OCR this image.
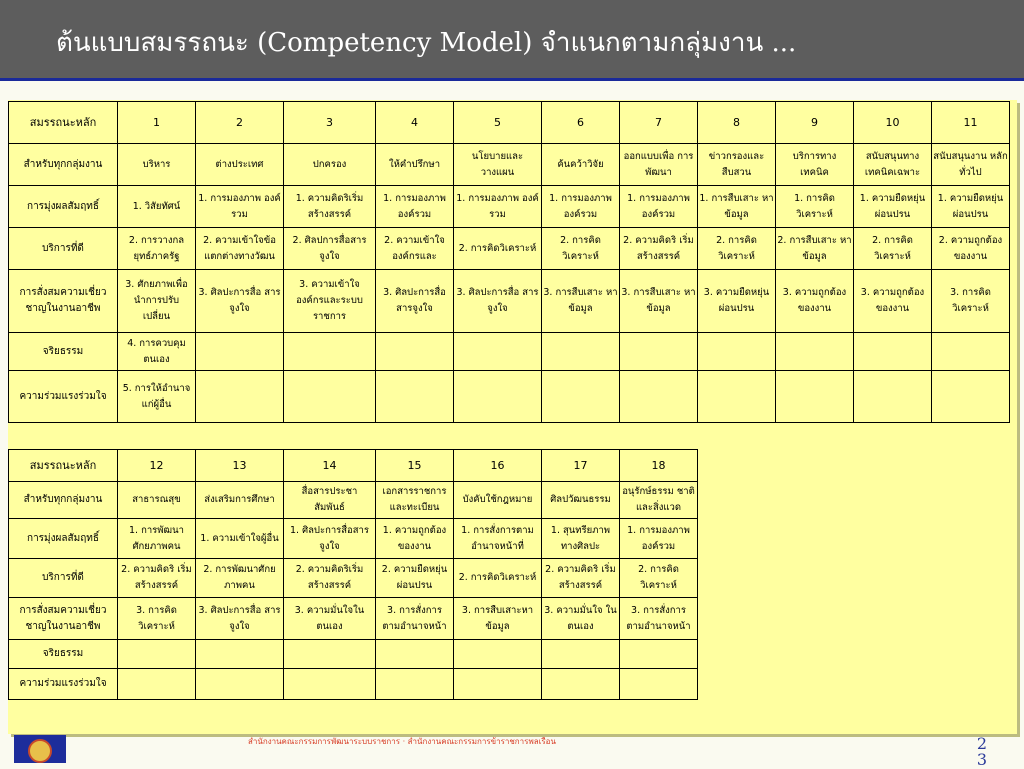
ต้นแบบสมรรถนะ (Competency Model) จำแนกตามกลุ่มงาน ...
สมรรถนะหลัก	1	2	3	4	5	6	7	8	9	10	11
สำหรับทุกกลุ่มงาน	บริหาร	ต่างประเทศ	ปกครอง	ให้คำปรึกษา	นโยบายและ วางแผน	ค้นคว้าวิจัย	ออกแบบเพื่อ การพัฒนา	ข่าวกรองและ สืบสวน	บริการทาง เทคนิค	สนับสนุนทาง เทคนิคเฉพาะ	สนับสนุนงาน หลักทั่วไป
การมุ่งผลสัมฤทธิ์	1. วิสัยทัศน์	1. การมองภาพ องค์รวม	1. ความคิดริเริ่ม สร้างสรรค์	1. การมองภาพ องค์รวม	1. การมองภาพ องค์รวม	1. การมองภาพ องค์รวม	1. การมองภาพ องค์รวม	1. การสืบเสาะ หาข้อมูล	1. การคิด วิเคราะห์	1. ความยืดหยุ่น ผ่อนปรน	1. ความยืดหยุ่น ผ่อนปรน
บริการที่ดี	2. การวางกล ยุทธ์ภาครัฐ	2. ความเข้าใจข้อ แตกต่างทางวัฒน	2. ศิลปการสื่อสาร จูงใจ	2. ความเข้าใจ องค์กรและ	2. การคิดวิเคราะห์	2. การคิด วิเคราะห์	2. ความคิดริ เริ่มสร้างสรรค์	2. การคิด วิเคราะห์	2. การสืบเสาะ หาข้อมูล	2. การคิด วิเคราะห์	2. ความถูกต้อง ของงาน
การสั่งสมความเชี่ยว ชาญในงานอาชีพ	3. ศักยภาพเพื่อ นำการปรับ เปลี่ยน	3. ศิลปะการสื่อ สารจูงใจ	3. ความเข้าใจ องค์กรและระบบ ราชการ	3. ศิลปะการสื่อ สารจูงใจ	3. ศิลปะการสื่อ สารจูงใจ	3. การสืบเสาะ หาข้อมูล	3. การสืบเสาะ หาข้อมูล	3. ความยืดหยุ่น ผ่อนปรน	3. ความถูกต้อง ของงาน	3. ความถูกต้อง ของงาน	3. การคิด วิเคราะห์
จริยธรรม	4. การควบคุม ตนเอง										
ความร่วมแรงร่วมใจ	5. การให้อำนาจ แก่ผู้อื่น										
สมรรถนะหลัก	12	13	14	15	16	17	18
สำหรับทุกกลุ่มงาน	สาธารณสุข	ส่งเสริมการศึกษา	สื่อสารประชา สัมพันธ์	เอกสารราชการ และทะเบียน	บังคับใช้กฎหมาย	ศิลปวัฒนธรรม	อนุรักษ์ธรรม ชาติและสิ่งแวด
การมุ่งผลสัมฤทธิ์	1. การพัฒนา ศักยภาพคน	1. ความเข้าใจผู้อื่น	1. ศิลปะการสื่อสาร จูงใจ	1. ความถูกต้อง ของงาน	1. การสั่งการตาม อำนาจหน้าที่	1. สุนทรียภาพ ทางศิลปะ	1. การมองภาพ องค์รวม
บริการที่ดี	2. ความคิดริ เริ่มสร้างสรรค์	2. การพัฒนาศักย ภาพคน	2. ความคิดริเริ่ม สร้างสรรค์	2. ความยืดหยุ่น ผ่อนปรน	2. การคิดวิเคราะห์	2. ความคิดริ เริ่มสร้างสรรค์	2. การคิด วิเคราะห์
การสั่งสมความเชี่ยว ชาญในงานอาชีพ	3. การคิด วิเคราะห์	3. ศิลปะการสื่อ สารจูงใจ	3. ความมั่นใจใน ตนเอง	3. การสั่งการ ตามอำนาจหน้า	3. การสืบเสาะหา ข้อมูล	3. ความมั่นใจ ในตนเอง	3. การสั่งการ ตามอำนาจหน้า
จริยธรรม							
ความร่วมแรงร่วมใจ							
สำนักงานคณะกรรมการพัฒนาระบบราชการ · สำนักงานคณะกรรมการข้าราชการพลเรือน	2 3
